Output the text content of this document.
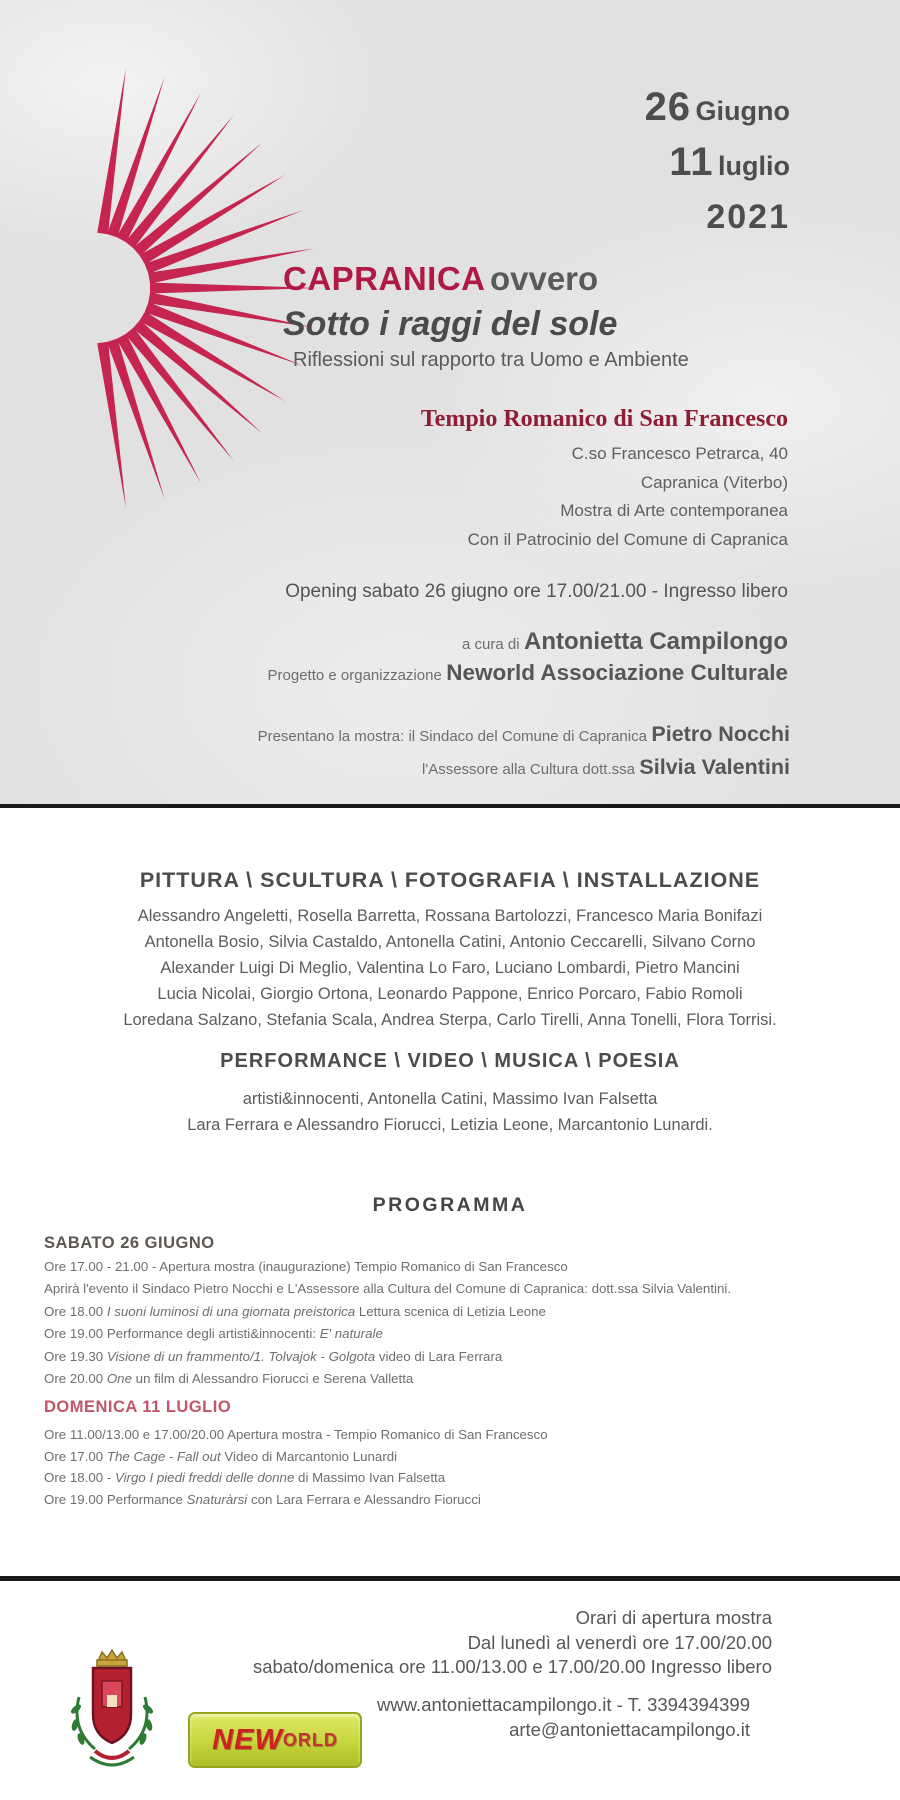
26 Giugno
11 luglio
2021
CAPRANICA ovvero
Sotto i raggi del sole
Riflessioni sul rapporto tra Uomo e Ambiente
Tempio Romanico di San Francesco
C.so Francesco Petrarca, 40
Capranica (Viterbo)
Mostra di Arte contemporanea
Con il Patrocinio del Comune di Capranica
Opening sabato 26 giugno ore 17.00/21.00 - Ingresso libero
a cura di Antonietta Campilongo
Progetto e organizzazione Neworld Associazione Culturale
Presentano la mostra: il Sindaco del Comune di Capranica Pietro Nocchi
l'Assessore alla Cultura dott.ssa Silvia Valentini
PITTURA \ SCULTURA \ FOTOGRAFIA \ INSTALLAZIONE
Alessandro Angeletti, Rosella Barretta, Rossana Bartolozzi, Francesco Maria Bonifazi
Antonella Bosio, Silvia Castaldo, Antonella Catini, Antonio Ceccarelli, Silvano Corno
Alexander Luigi Di Meglio, Valentina Lo Faro, Luciano Lombardi, Pietro Mancini
Lucia Nicolai, Giorgio Ortona, Leonardo Pappone, Enrico Porcaro, Fabio Romoli
Loredana Salzano, Stefania Scala, Andrea Sterpa, Carlo Tirelli, Anna Tonelli, Flora Torrisi.
PERFORMANCE \ VIDEO \ MUSICA \ POESIA
artisti&innocenti, Antonella Catini, Massimo Ivan Falsetta
Lara Ferrara e Alessandro Fiorucci, Letizia Leone, Marcantonio Lunardi.
PROGRAMMA
SABATO 26 GIUGNO
Ore 17.00 - 21.00 - Apertura mostra (inaugurazione) Tempio Romanico di San Francesco
Aprirà l'evento il Sindaco Pietro Nocchi e L'Assessore alla Cultura del Comune di Capranica: dott.ssa Silvia Valentini.
Ore 18.00 I suoni luminosi di una giornata preistorica Lettura scenica di Letizia Leone
Ore 19.00 Performance degli artisti&innocenti: E' naturale
Ore 19.30 Visione di un frammento/1. Tolvajok - Golgota video di Lara Ferrara
Ore 20.00 One un film di Alessandro Fiorucci e Serena Valletta
DOMENICA 11 LUGLIO
Ore 11.00/13.00 e 17.00/20.00 Apertura mostra - Tempio Romanico di San Francesco
Ore 17.00 The Cage - Fall out Video di Marcantonio Lunardi
Ore 18.00 - Virgo I piedi freddi delle donne di Massimo Ivan Falsetta
Ore 19.00 Performance Snaturàrsi con Lara Ferrara e Alessandro Fiorucci
Orari di apertura mostra
Dal lunedì al venerdì ore 17.00/20.00
sabato/domenica ore 11.00/13.00 e 17.00/20.00 Ingresso libero
www.antoniettacampilongo.it - T. 3394394399
arte@antoniettacampilongo.it
NEW ORLD
